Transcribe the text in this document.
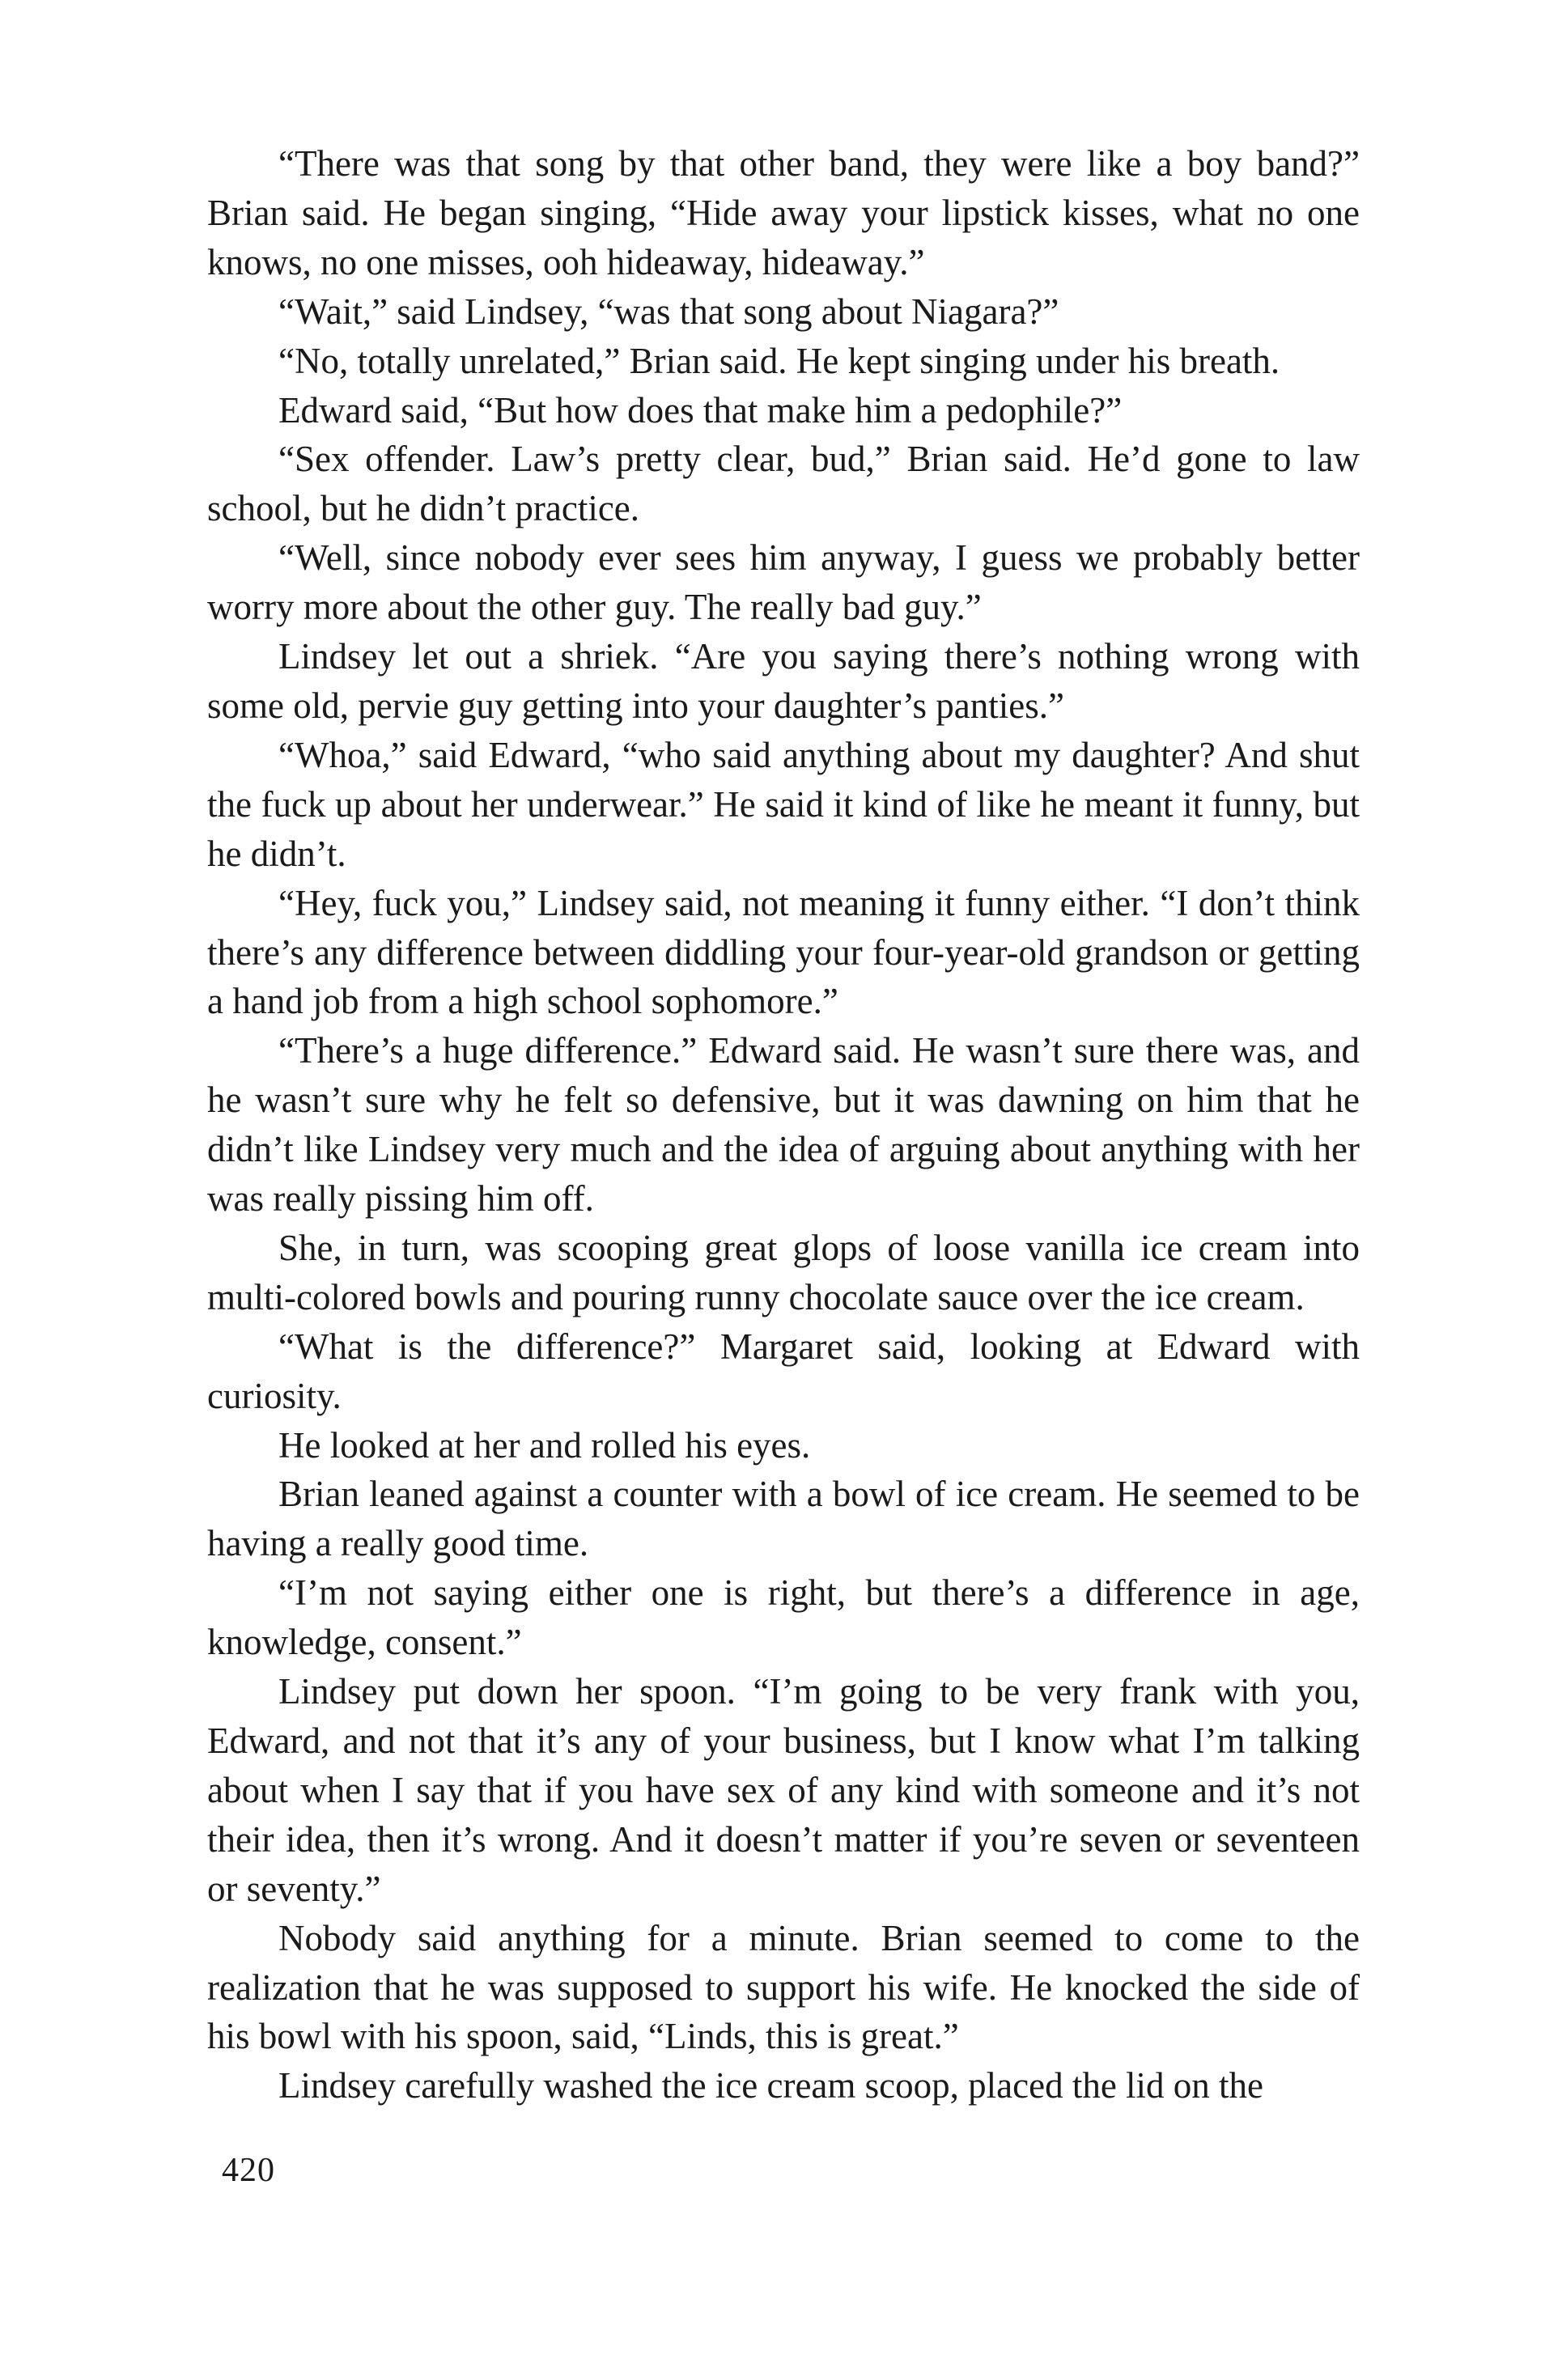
“There was that song by that other band, they were like a boy band?” Brian said. He began singing, “Hide away your lipstick kisses, what no one knows, no one misses, ooh hideaway, hideaway.”

“Wait,” said Lindsey, “was that song about Niagara?”

“No, totally unrelated,” Brian said. He kept singing under his breath.

Edward said, “But how does that make him a pedophile?”

“Sex offender. Law’s pretty clear, bud,” Brian said. He’d gone to law school, but he didn’t practice.

“Well, since nobody ever sees him anyway, I guess we probably better worry more about the other guy. The really bad guy.”

Lindsey let out a shriek. “Are you saying there’s nothing wrong with some old, pervie guy getting into your daughter’s panties.”

“Whoa,” said Edward, “who said anything about my daughter? And shut the fuck up about her underwear.” He said it kind of like he meant it funny, but he didn’t.

“Hey, fuck you,” Lindsey said, not meaning it funny either. “I don’t think there’s any difference between diddling your four-year-old grandson or getting a hand job from a high school sophomore.”

“There’s a huge difference.” Edward said. He wasn’t sure there was, and he wasn’t sure why he felt so defensive, but it was dawning on him that he didn’t like Lindsey very much and the idea of arguing about anything with her was really pissing him off.

She, in turn, was scooping great glops of loose vanilla ice cream into multi-colored bowls and pouring runny chocolate sauce over the ice cream.

“What is the difference?” Margaret said, looking at Edward with curiosity.

He looked at her and rolled his eyes.

Brian leaned against a counter with a bowl of ice cream. He seemed to be having a really good time.

“I’m not saying either one is right, but there’s a difference in age, knowledge, consent.”

Lindsey put down her spoon. “I’m going to be very frank with you, Edward, and not that it’s any of your business, but I know what I’m talking about when I say that if you have sex of any kind with someone and it’s not their idea, then it’s wrong. And it doesn’t matter if you’re seven or seventeen or seventy.”

Nobody said anything for a minute. Brian seemed to come to the realization that he was supposed to support his wife. He knocked the side of his bowl with his spoon, said, “Linds, this is great.”

Lindsey carefully washed the ice cream scoop, placed the lid on the

420
